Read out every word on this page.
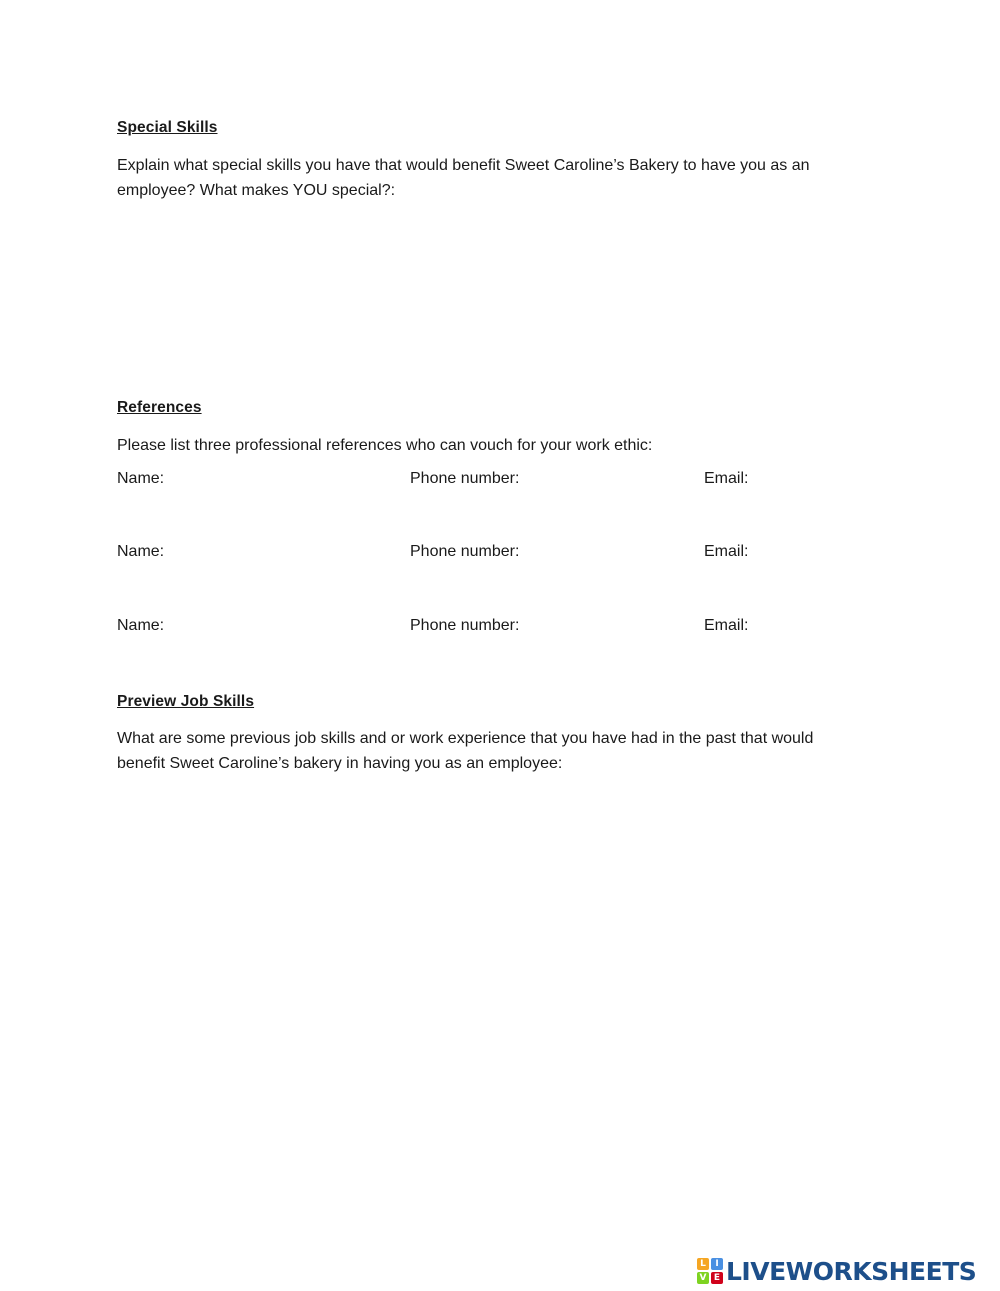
Special Skills
Explain what special skills you have that would benefit Sweet Caroline’s Bakery to have you as an
employee? What makes YOU special?:
References
Please list three professional references who can vouch for your work ethic:
Name:	Phone number:	Email:
Name:	Phone number:	Email:
Name:	Phone number:	Email:
Preview Job Skills
What are some previous job skills and or work experience that you have had in the past that would
benefit Sweet Caroline’s bakery in having you as an employee:
L	I
V E LIVEWORKSHEETS
